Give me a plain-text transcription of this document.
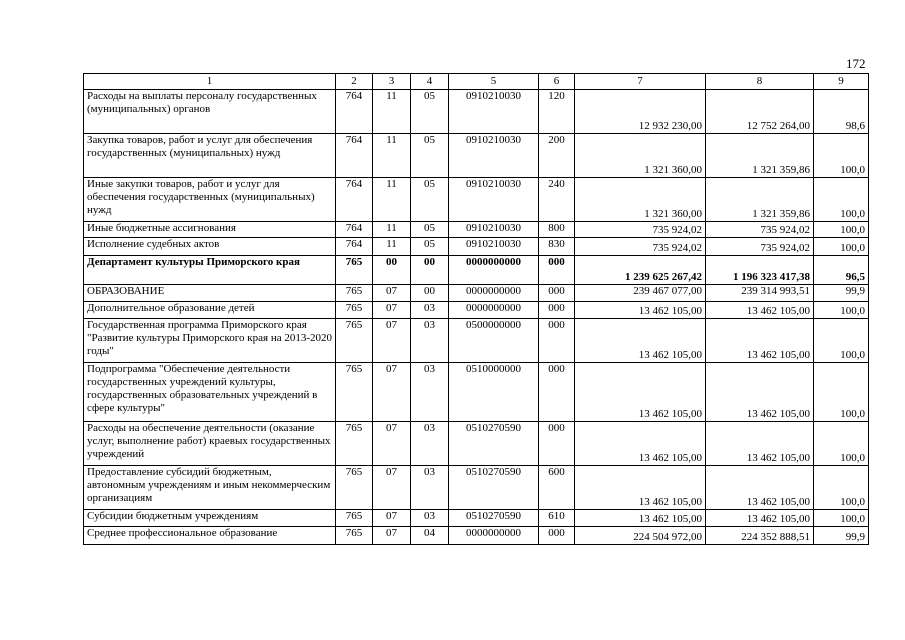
172
1	2	3	4	5	6	7	8	9
Расходы на выплаты персоналу государственных (муниципальных) органов	764	11	05	0910210030	120	12 932 230,00	12 752 264,00	98,6
Закупка товаров, работ и услуг для обеспечения государственных (муниципальных) нужд	764	11	05	0910210030	200	1 321 360,00	1 321 359,86	100,0
Иные закупки товаров, работ и услуг для обеспечения государственных (муниципальных) нужд	764	11	05	0910210030	240	1 321 360,00	1 321 359,86	100,0
Иные бюджетные ассигнования	764	11	05	0910210030	800	735 924,02	735 924,02	100,0
Исполнение судебных актов	764	11	05	0910210030	830	735 924,02	735 924,02	100,0
Департамент культуры Приморского края	765	00	00	0000000000	000	1 239 625 267,42	1 196 323 417,38	96,5
ОБРАЗОВАНИЕ	765	07	00	0000000000	000	239 467 077,00	239 314 993,51	99,9
Дополнительное образование детей	765	07	03	0000000000	000	13 462 105,00	13 462 105,00	100,0
Государственная программа Приморского края "Развитие культуры Приморского края на 2013-2020 годы"	765	07	03	0500000000	000	13 462 105,00	13 462 105,00	100,0
Подпрограмма "Обеспечение деятельности государственных учреждений культуры, государственных образовательных учреждений в сфере культуры"	765	07	03	0510000000	000	13 462 105,00	13 462 105,00	100,0
Расходы на обеспечение деятельности (оказание услуг, выполнение работ) краевых государственных учреждений	765	07	03	0510270590	000	13 462 105,00	13 462 105,00	100,0
Предоставление субсидий бюджетным, автономным учреждениям и иным некоммерческим организациям	765	07	03	0510270590	600	13 462 105,00	13 462 105,00	100,0
Субсидии бюджетным учреждениям	765	07	03	0510270590	610	13 462 105,00	13 462 105,00	100,0
Среднее профессиональное образование	765	07	04	0000000000	000	224 504 972,00	224 352 888,51	99,9
